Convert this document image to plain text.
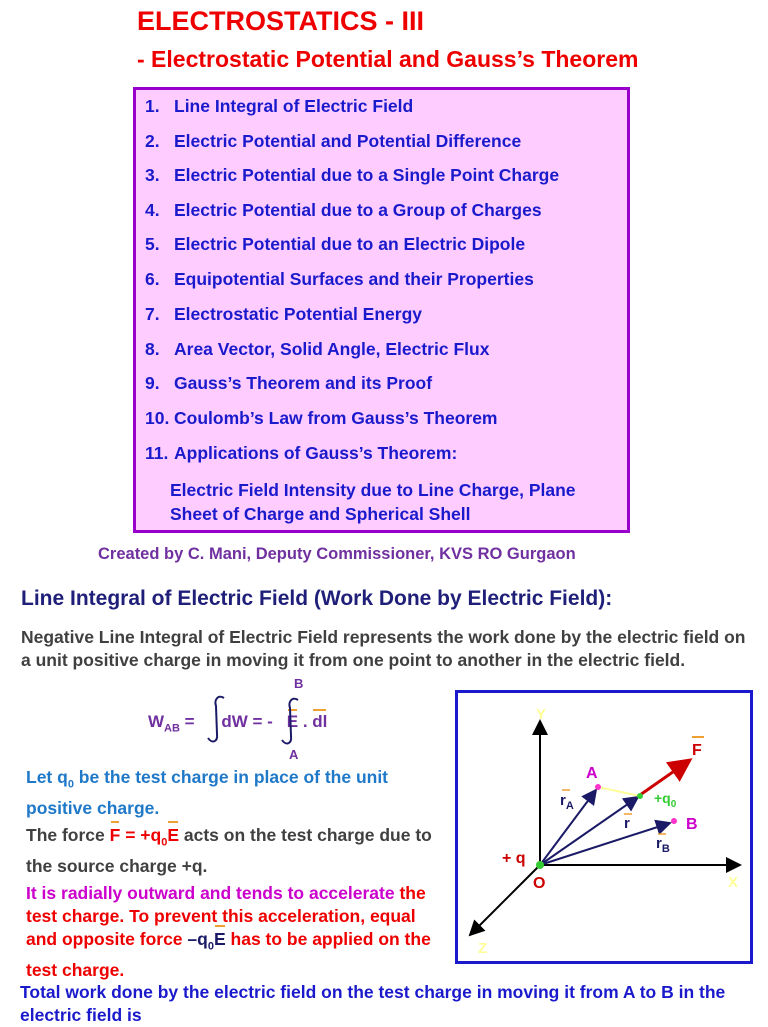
ELECTROSTATICS - III
- Electrostatic Potential and Gauss’s Theorem
1. Line Integral of Electric Field
2. Electric Potential and Potential Difference
3. Electric Potential due to a Single Point Charge
4. Electric Potential due to a Group of Charges
5. Electric Potential due to an Electric Dipole
6. Equipotential Surfaces and their Properties
7. Electrostatic Potential Energy
8. Area Vector, Solid Angle, Electric Flux
9. Gauss’s Theorem and its Proof
10. Coulomb’s Law from Gauss’s Theorem
11. Applications of Gauss’s Theorem:
Electric Field Intensity due to Line Charge, Plane Sheet of Charge and Spherical Shell
Created by C. Mani, Deputy Commissioner, KVS RO Gurgaon
Line Integral of Electric Field (Work Done by Electric Field):
Negative Line Integral of Electric Field represents the work done by the electric field on a unit positive charge in moving it from one point to another in the electric field.
$W_{AB}$ = dW = - E . dl
B
A
Let $q_0$ be the test charge in place of the unit positive charge.
The force $F = +q_0E$ acts on the test charge due to the source charge +q.
It is radially outward and tends to accelerate the test charge. To prevent this acceleration, equal and opposite force $-q_0E$ has to be applied on the test charge.
Total work done by the electric field on the test charge in moving it from A to B in the electric field is
Y
X
Z
O
+ q
A
B
F
$+q_0$
$r_A$
r
$r_B$
